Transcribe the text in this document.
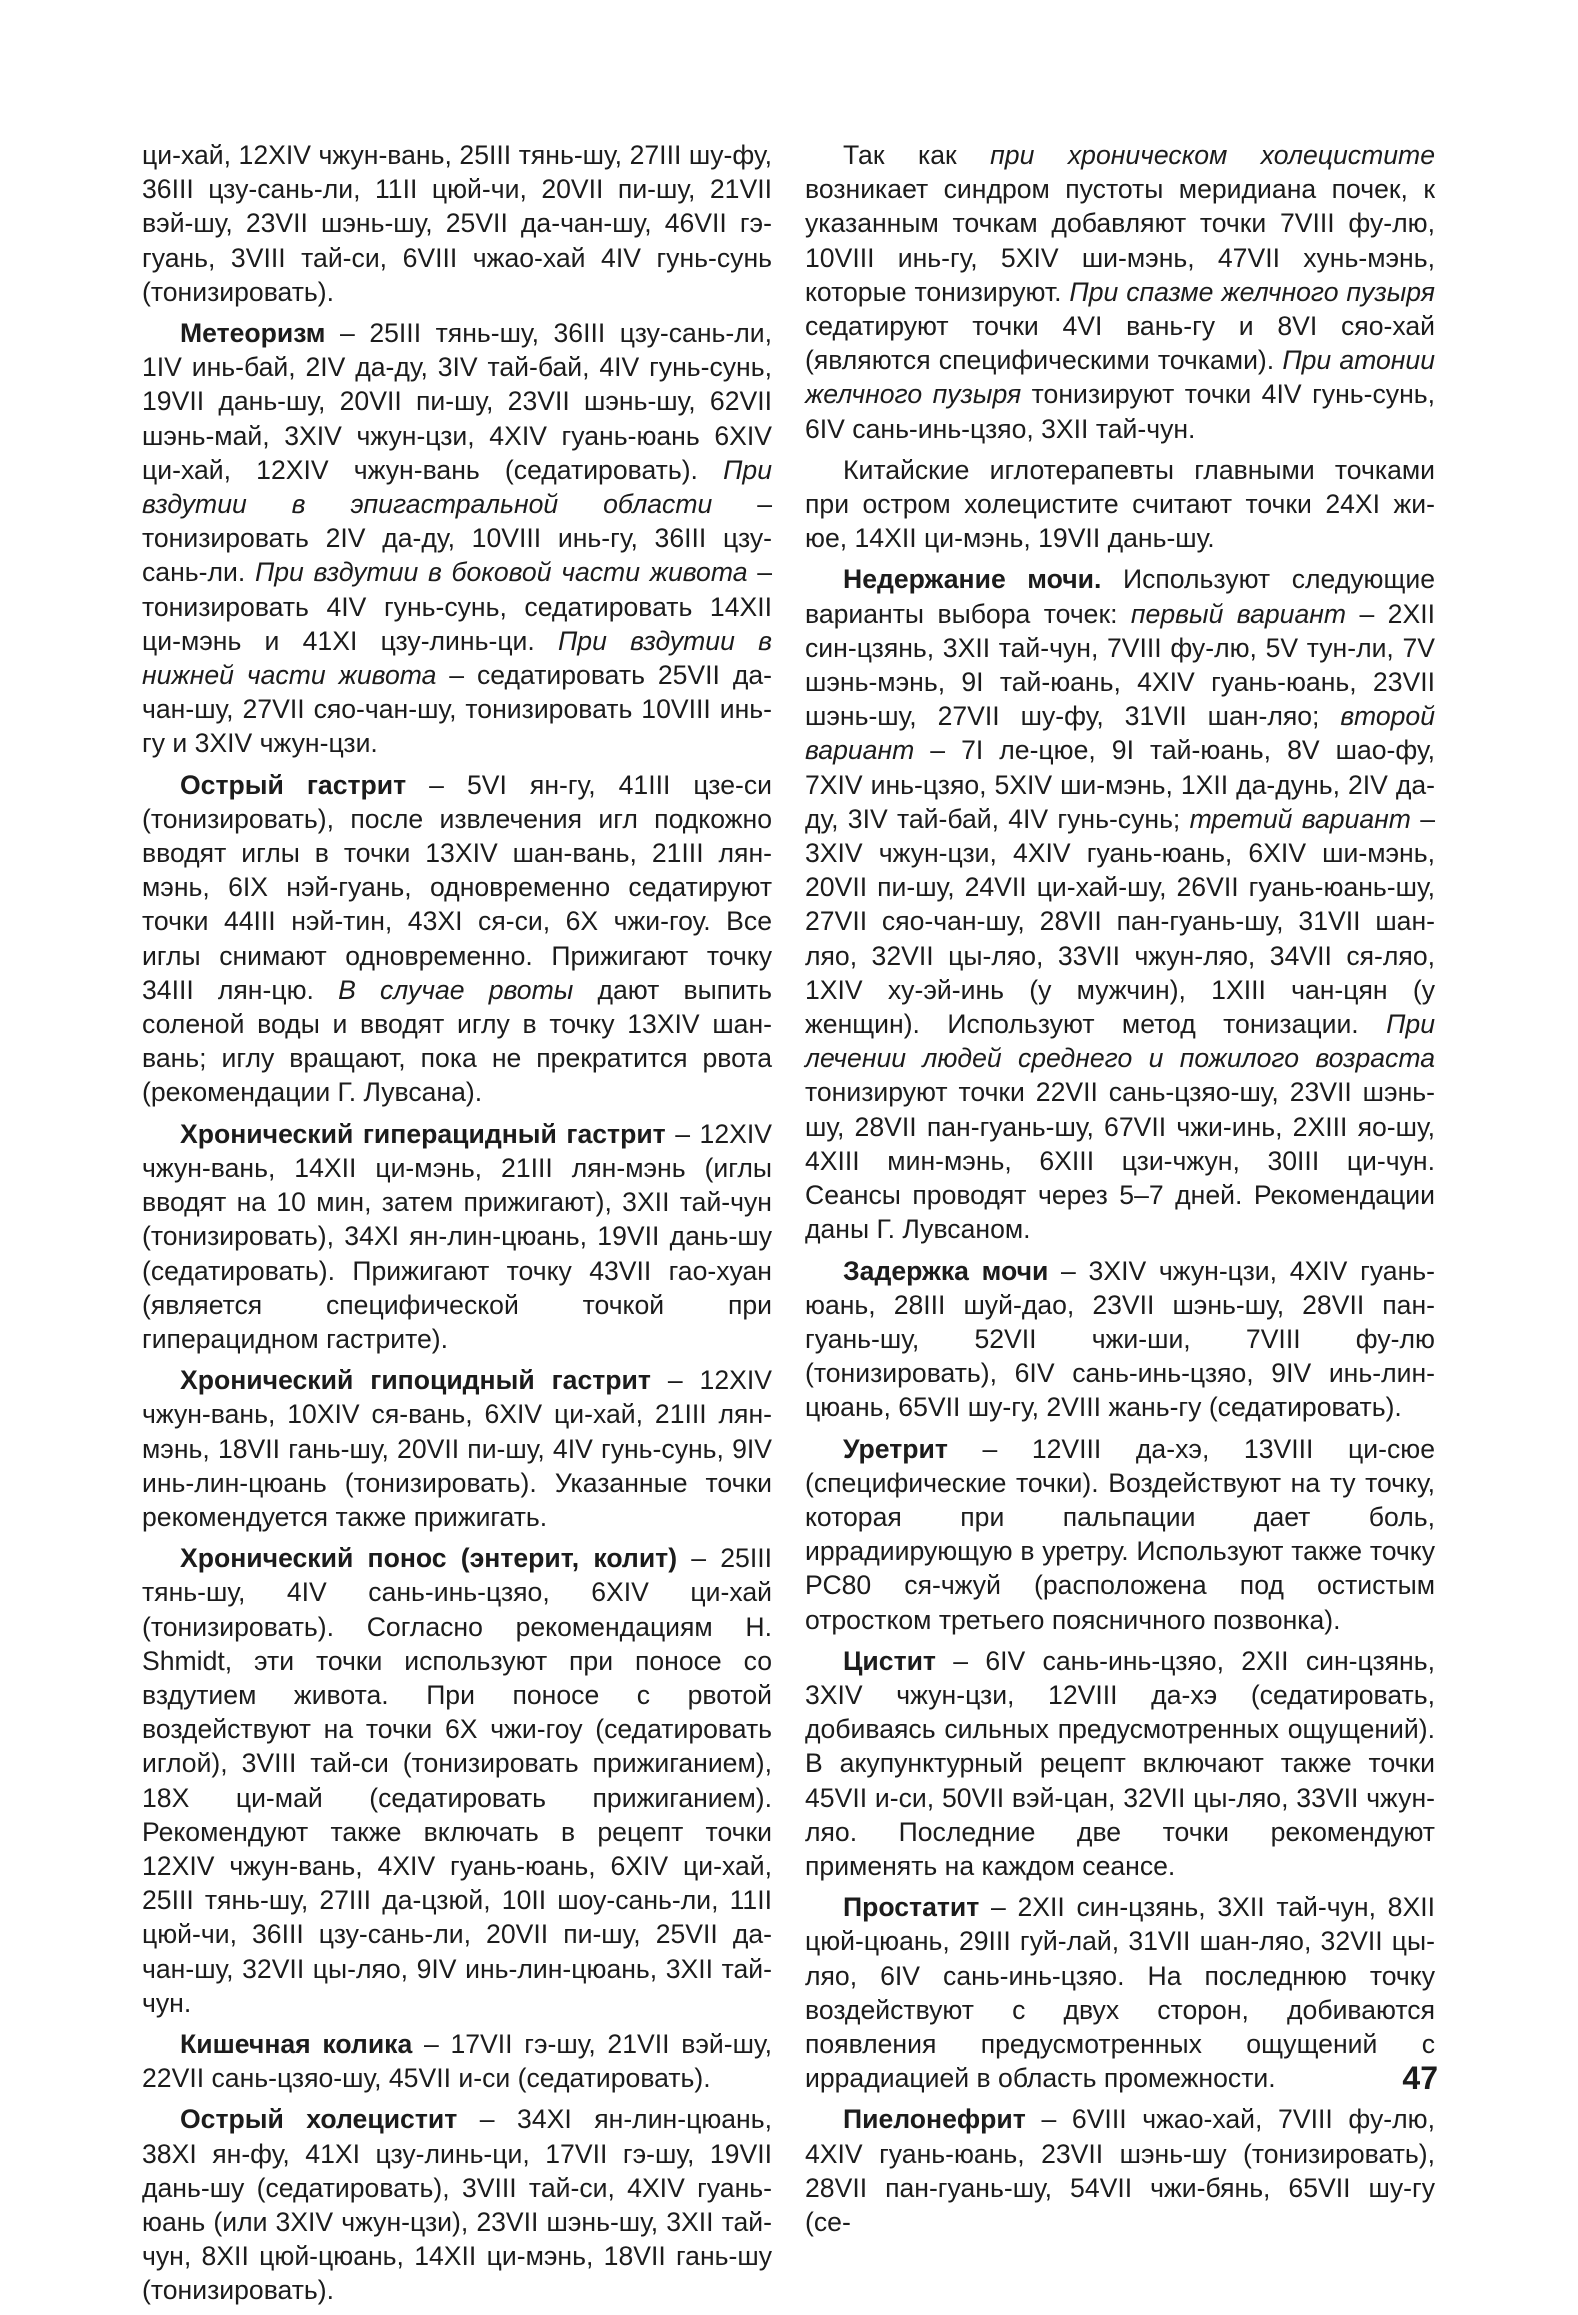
ци-хай, 12XIV чжун-вань, 25III тянь-шу, 27III шу-фу, 36III цзу-сань-ли, 11II цюй-чи, 20VII пи-шу, 21VII вэй-шу, 23VII шэнь-шу, 25VII да-чан-шу, 46VII гэ-гуань, 3VIII тай-си, 6VIII чжао-хай 4IV гунь-сунь (тонизировать).

Метеоризм – 25III тянь-шу, 36III цзу-сань-ли, 1IV инь-бай, 2IV да-ду, 3IV тай-бай, 4IV гунь-сунь, 19VII дань-шу, 20VII пи-шу, 23VII шэнь-шу, 62VII шэнь-май, 3XIV чжун-цзи, 4XIV гуань-юань 6XIV ци-хай, 12XIV чжун-вань (седатировать). При вздутии в эпигастральной области – тонизировать 2IV да-ду, 10VIII инь-гу, 36III цзу-сань-ли. При вздутии в боковой части живота – тонизировать 4IV гунь-сунь, седатировать 14XII ци-мэнь и 41XI цзу-линь-ци. При вздутии в нижней части живота – седатировать 25VII да-чан-шу, 27VII сяо-чан-шу, тонизировать 10VIII инь-гу и 3XIV чжун-цзи.

Острый гастрит – 5VI ян-гу, 41III цзе-си (тонизировать), после извлечения игл подкожно вводят иглы в точки 13XIV шан-вань, 21III лян-мэнь, 6IX нэй-гуань, одновременно седатируют точки 44III нэй-тин, 43XI ся-си, 6X чжи-гоу. Все иглы снимают одновременно. Прижигают точку 34III лян-цю. В случае рвоты дают выпить соленой воды и вводят иглу в точку 13XIV шан-вань; иглу вращают, пока не прекратится рвота (рекомендации Г. Лувсана).

Хронический гиперацидный гастрит – 12XIV чжун-вань, 14XII ци-мэнь, 21III лян-мэнь (иглы вводят на 10 мин, затем прижигают), 3XII тай-чун (тонизировать), 34XI ян-лин-цюань, 19VII дань-шу (седатировать). Прижигают точку 43VII гао-хуан (является специфической точкой при гиперацидном гастрите).

Хронический гипоцидный гастрит – 12XIV чжун-вань, 10XIV ся-вань, 6XIV ци-хай, 21III лян-мэнь, 18VII гань-шу, 20VII пи-шу, 4IV гунь-сунь, 9IV инь-лин-цюань (тонизировать). Указанные точки рекомендуется также прижигать.

Хронический понос (энтерит, колит) – 25III тянь-шу, 4IV сань-инь-цзяо, 6XIV ци-хай (тонизировать). Согласно рекомендациям H. Shmidt, эти точки используют при поносе со вздутием живота. При поносе с рвотой воздействуют на точки 6X чжи-гоу (седатировать иглой), 3VIII тай-си (тонизировать прижиганием), 18X ци-май (седатировать прижиганием). Рекомендуют также включать в рецепт точки 12XIV чжун-вань, 4XIV гуань-юань, 6XIV ци-хай, 25III тянь-шу, 27III да-цзюй, 10II шоу-сань-ли, 11II цюй-чи, 36III цзу-сань-ли, 20VII пи-шу, 25VII да-чан-шу, 32VII цы-ляо, 9IV инь-лин-цюань, 3XII тай-чун.

Кишечная колика – 17VII гэ-шу, 21VII вэй-шу, 22VII сань-цзяо-шу, 45VII и-си (седатировать).

Острый холецистит – 34XI ян-лин-цюань, 38XI ян-фу, 41XI цзу-линь-ци, 17VII гэ-шу, 19VII дань-шу (седатировать), 3VIII тай-си, 4XIV гуань-юань (или 3XIV чжун-цзи), 23VII шэнь-шу, 3XII тай-чун, 8XII цюй-цюань, 14XII ци-мэнь, 18VII гань-шу (тонизировать).

Так как при хроническом холецистите возникает синдром пустоты меридиана почек, к указанным точкам добавляют точки 7VIII фу-лю, 10VIII инь-гу, 5XIV ши-мэнь, 47VII хунь-мэнь, которые тонизируют. При спазме желчного пузыря седатируют точки 4VI вань-гу и 8VI сяо-хай (являются специфическими точками). При атонии желчного пузыря тонизируют точки 4IV гунь-сунь, 6IV сань-инь-цзяо, 3XII тай-чун.

Китайские иглотерапевты главными точками при остром холецистите считают точки 24XI жи-юе, 14XII ци-мэнь, 19VII дань-шу.

Недержание мочи. Используют следующие варианты выбора точек: первый вариант – 2XII син-цзянь, 3XII тай-чун, 7VIII фу-лю, 5V тун-ли, 7V шэнь-мэнь, 9I тай-юань, 4XIV гуань-юань, 23VII шэнь-шу, 27VII шу-фу, 31VII шан-ляо; второй вариант – 7I ле-цюе, 9I тай-юань, 8V шао-фу, 7XIV инь-цзяо, 5XIV ши-мэнь, 1XII да-дунь, 2IV да-ду, 3IV тай-бай, 4IV гунь-сунь; третий вариант – 3XIV чжун-цзи, 4XIV гуань-юань, 6XIV ши-мэнь, 20VII пи-шу, 24VII ци-хай-шу, 26VII гуань-юань-шу, 27VII сяо-чан-шу, 28VII пан-гуань-шу, 31VII шан-ляо, 32VII цы-ляо, 33VII чжун-ляо, 34VII ся-ляо, 1XIV ху-эй-инь (у мужчин), 1XIII чан-цян (у женщин). Используют метод тонизации. При лечении людей среднего и пожилого возраста тонизируют точки 22VII сань-цзяо-шу, 23VII шэнь-шу, 28VII пан-гуань-шу, 67VII чжи-инь, 2XIII яо-шу, 4XIII мин-мэнь, 6XIII цзи-чжун, 30III ци-чун. Сеансы проводят через 5–7 дней. Рекомендации даны Г. Лувсаном.

Задержка мочи – 3XIV чжун-цзи, 4XIV гуань-юань, 28III шуй-дао, 23VII шэнь-шу, 28VII пан-гуань-шу, 52VII чжи-ши, 7VIII фу-лю (тонизировать), 6IV сань-инь-цзяо, 9IV инь-лин-цюань, 65VII шу-гу, 2VIII жань-гу (седатировать).

Уретрит – 12VIII да-хэ, 13VIII ци-сюе (специфические точки). Воздействуют на ту точку, которая при пальпации дает боль, иррадиирующую в уретру. Используют также точку РС80 ся-чжуй (расположена под остистым отростком третьего поясничного позвонка).

Цистит – 6IV сань-инь-цзяо, 2XII син-цзянь, 3XIV чжун-цзи, 12VIII да-хэ (седатировать, добиваясь сильных предусмотренных ощущений). В акупунктурный рецепт включают также точки 45VII и-си, 50VII вэй-цан, 32VII цы-ляо, 33VII чжун-ляо. Последние две точки рекомендуют применять на каждом сеансе.

Простатит – 2XII син-цзянь, 3XII тай-чун, 8XII цюй-цюань, 29III гуй-лай, 31VII шан-ляо, 32VII цы-ляо, 6IV сань-инь-цзяо. На последнюю точку воздействуют с двух сторон, добиваются появления предусмотренных ощущений с иррадиацией в область промежности.

Пиелонефрит – 6VIII чжао-хай, 7VIII фу-лю, 4XIV гуань-юань, 23VII шэнь-шу (тонизировать), 28VII пан-гуань-шу, 54VII чжи-бянь, 65VII шу-гу (се-

47
